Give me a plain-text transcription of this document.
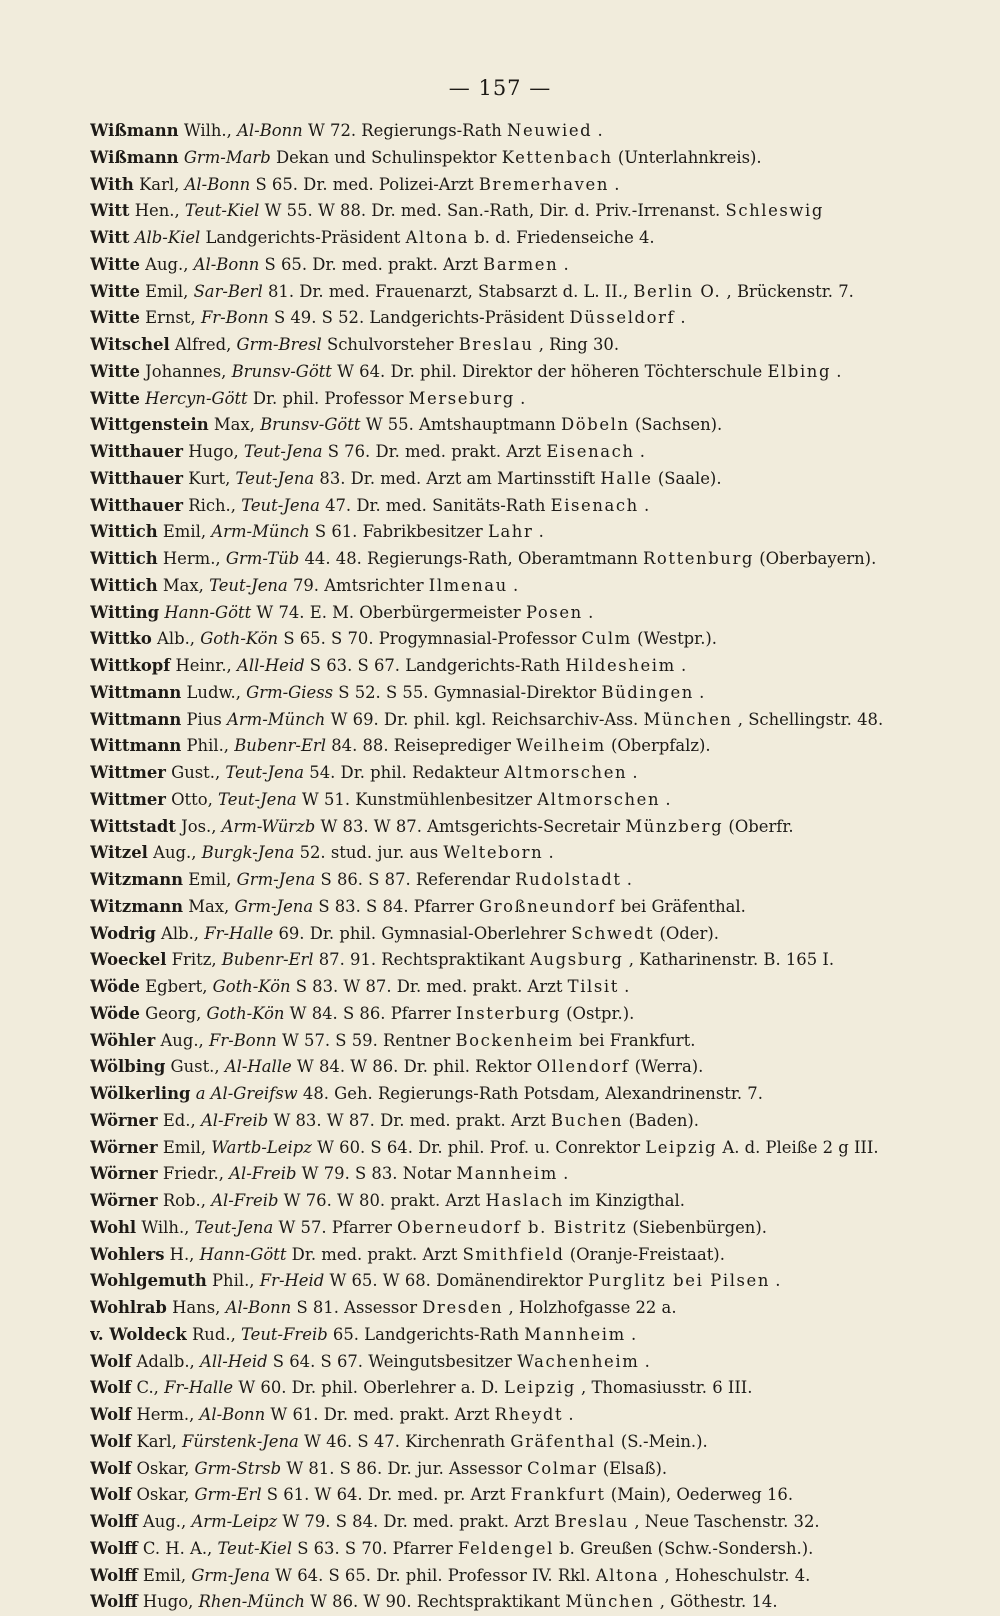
— 157 —
Wißmann Wilh., Al-Bonn W 72. Regierungs-Rath Neuwied .
Wißmann Grm-Marb Dekan und Schulinspektor Kettenbach (Unterlahnkreis).
With Karl, Al-Bonn S 65. Dr. med. Polizei-Arzt Bremerhaven .
Witt Hen., Teut-Kiel W 55. W 88. Dr. med. San.-Rath, Dir. d. Priv.-Irrenanst. Schleswig
Witt Alb-Kiel Landgerichts-Präsident Altona b. d. Friedenseiche 4.
Witte Aug., Al-Bonn S 65. Dr. med. prakt. Arzt Barmen .
Witte Emil, Sar-Berl 81. Dr. med. Frauenarzt, Stabsarzt d. L. II., Berlin O. , Brückenstr. 7.
Witte Ernst, Fr-Bonn S 49. S 52. Landgerichts-Präsident Düsseldorf .
Witschel Alfred, Grm-Bresl Schulvorsteher Breslau , Ring 30.
Witte Johannes, Brunsv-Gött W 64. Dr. phil. Direktor der höheren Töchterschule Elbing .
Witte Hercyn-Gött Dr. phil. Professor Merseburg .
Wittgenstein Max, Brunsv-Gött W 55. Amtshauptmann Döbeln (Sachsen).
Witthauer Hugo, Teut-Jena S 76. Dr. med. prakt. Arzt Eisenach .
Witthauer Kurt, Teut-Jena 83. Dr. med. Arzt am Martinsstift Halle (Saale).
Witthauer Rich., Teut-Jena 47. Dr. med. Sanitäts-Rath Eisenach .
Wittich Emil, Arm-Münch S 61. Fabrikbesitzer Lahr .
Wittich Herm., Grm-Tüb 44. 48. Regierungs-Rath, Oberamtmann Rottenburg (Oberbayern).
Wittich Max, Teut-Jena 79. Amtsrichter Ilmenau .
Witting Hann-Gött W 74. E. M. Oberbürgermeister Posen .
Wittko Alb., Goth-Kön S 65. S 70. Progymnasial-Professor Culm (Westpr.).
Wittkopf Heinr., All-Heid S 63. S 67. Landgerichts-Rath Hildesheim .
Wittmann Ludw., Grm-Giess S 52. S 55. Gymnasial-Direktor Büdingen .
Wittmann Pius Arm-Münch W 69. Dr. phil. kgl. Reichsarchiv-Ass. München , Schellingstr. 48.
Wittmann Phil., Bubenr-Erl 84. 88. Reiseprediger Weilheim (Oberpfalz).
Wittmer Gust., Teut-Jena 54. Dr. phil. Redakteur Altmorschen .
Wittmer Otto, Teut-Jena W 51. Kunstmühlenbesitzer Altmorschen .
Wittstadt Jos., Arm-Würzb W 83. W 87. Amtsgerichts-Secretair Münzberg (Oberfr.
Witzel Aug., Burgk-Jena 52. stud. jur. aus Welteborn .
Witzmann Emil, Grm-Jena S 86. S 87. Referendar Rudolstadt .
Witzmann Max, Grm-Jena S 83. S 84. Pfarrer Großneundorf bei Gräfenthal.
Wodrig Alb., Fr-Halle 69. Dr. phil. Gymnasial-Oberlehrer Schwedt (Oder).
Woeckel Fritz, Bubenr-Erl 87. 91. Rechtspraktikant Augsburg , Katharinenstr. B. 165 I.
Wöde Egbert, Goth-Kön S 83. W 87. Dr. med. prakt. Arzt Tilsit .
Wöde Georg, Goth-Kön W 84. S 86. Pfarrer Insterburg (Ostpr.).
Wöhler Aug., Fr-Bonn W 57. S 59. Rentner Bockenheim bei Frankfurt.
Wölbing Gust., Al-Halle W 84. W 86. Dr. phil. Rektor Ollendorf (Werra).
Wölkerling a Al-Greifsw 48. Geh. Regierungs-Rath Potsdam, Alexandrinenstr. 7.
Wörner Ed., Al-Freib W 83. W 87. Dr. med. prakt. Arzt Buchen (Baden).
Wörner Emil, Wartb-Leipz W 60. S 64. Dr. phil. Prof. u. Conrektor Leipzig A. d. Pleiße 2 g III.
Wörner Friedr., Al-Freib W 79. S 83. Notar Mannheim .
Wörner Rob., Al-Freib W 76. W 80. prakt. Arzt Haslach im Kinzigthal.
Wohl Wilh., Teut-Jena W 57. Pfarrer Oberneudorf b. Bistritz (Siebenbürgen).
Wohlers H., Hann-Gött Dr. med. prakt. Arzt Smithfield (Oranje-Freistaat).
Wohlgemuth Phil., Fr-Heid W 65. W 68. Domänendirektor Purglitz bei Pilsen .
Wohlrab Hans, Al-Bonn S 81. Assessor Dresden , Holzhofgasse 22 a.
v. Woldeck Rud., Teut-Freib 65. Landgerichts-Rath Mannheim .
Wolf Adalb., All-Heid S 64. S 67. Weingutsbesitzer Wachenheim .
Wolf C., Fr-Halle W 60. Dr. phil. Oberlehrer a. D. Leipzig , Thomasiusstr. 6 III.
Wolf Herm., Al-Bonn W 61. Dr. med. prakt. Arzt Rheydt .
Wolf Karl, Fürstenk-Jena W 46. S 47. Kirchenrath Gräfenthal (S.-Mein.).
Wolf Oskar, Grm-Strsb W 81. S 86. Dr. jur. Assessor Colmar (Elsaß).
Wolf Oskar, Grm-Erl S 61. W 64. Dr. med. pr. Arzt Frankfurt (Main), Oederweg 16.
Wolff Aug., Arm-Leipz W 79. S 84. Dr. med. prakt. Arzt Breslau , Neue Taschenstr. 32.
Wolff C. H. A., Teut-Kiel S 63. S 70. Pfarrer Feldengel b. Greußen (Schw.-Sondersh.).
Wolff Emil, Grm-Jena W 64. S 65. Dr. phil. Professor IV. Rkl. Altona , Hoheschulstr. 4.
Wolff Hugo, Rhen-Münch W 86. W 90. Rechtspraktikant München , Göthestr. 14.
